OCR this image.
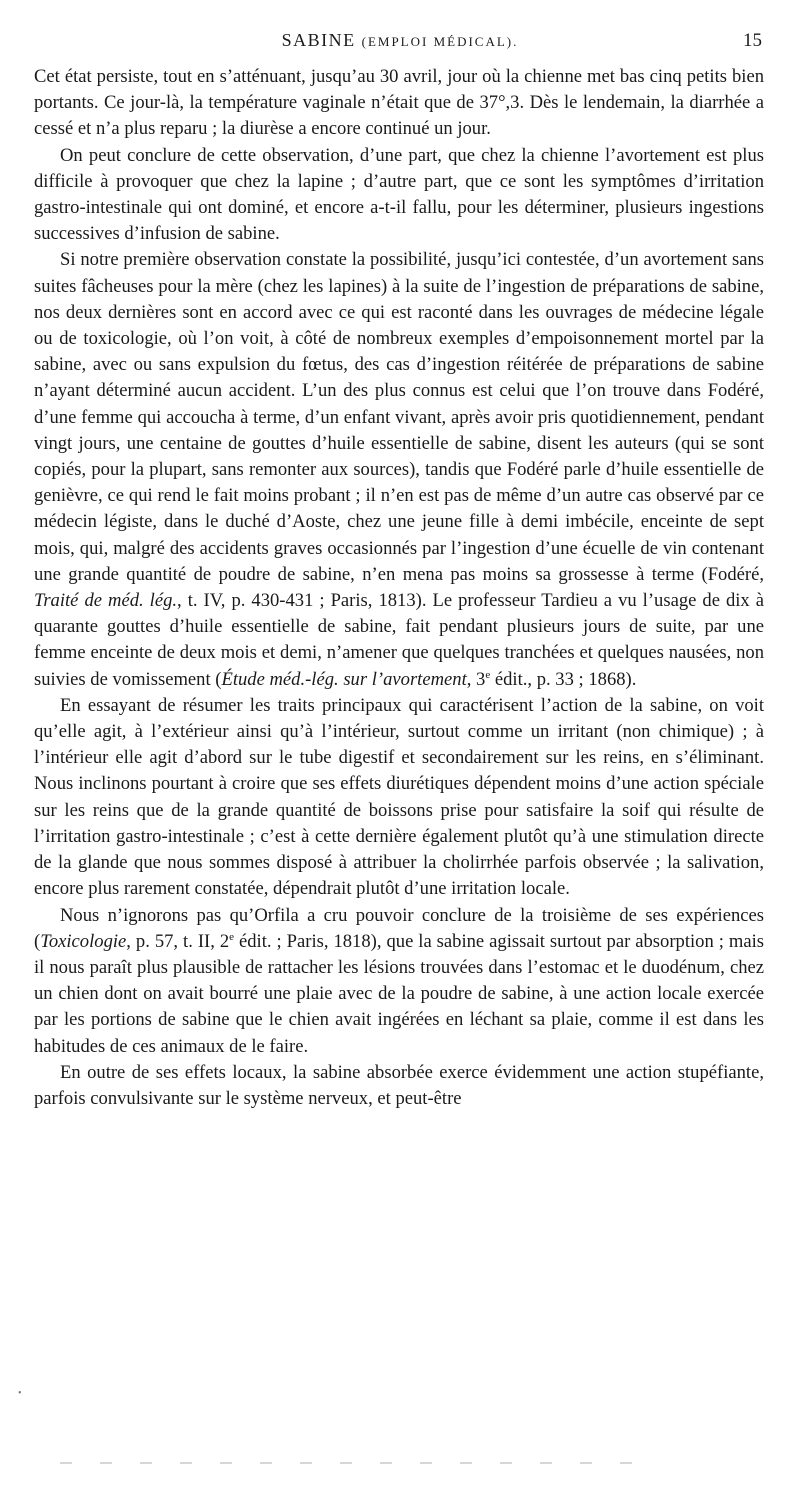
SABINE (EMPLOI MÉDICAL).	15

Cet état persiste, tout en s’atténuant, jusqu’au 30 avril, jour où la chienne met bas cinq petits bien portants. Ce jour-là, la température vaginale n’était que de 37°,3. Dès le lendemain, la diarrhée a cessé et n’a plus reparu ; la diurèse a encore continué un jour.

On peut conclure de cette observation, d’une part, que chez la chienne l’avortement est plus difficile à provoquer que chez la lapine ; d’autre part, que ce sont les symptômes d’irritation gastro-intestinale qui ont dominé, et encore a-t-il fallu, pour les déterminer, plusieurs ingestions successives d’infusion de sabine.

Si notre première observation constate la possibilité, jusqu’ici contestée, d’un avortement sans suites fâcheuses pour la mère (chez les lapines) à la suite de l’ingestion de préparations de sabine, nos deux dernières sont en accord avec ce qui est raconté dans les ouvrages de médecine légale ou de toxicologie, où l’on voit, à côté de nombreux exemples d’empoisonnement mortel par la sabine, avec ou sans expulsion du fœtus, des cas d’ingestion réitérée de préparations de sabine n’ayant déterminé aucun accident. L’un des plus connus est celui que l’on trouve dans Fodéré, d’une femme qui accoucha à terme, d’un enfant vivant, après avoir pris quotidiennement, pendant vingt jours, une centaine de gouttes d’huile essentielle de sabine, disent les auteurs (qui se sont copiés, pour la plupart, sans remonter aux sources), tandis que Fodéré parle d’huile essentielle de genièvre, ce qui rend le fait moins probant ; il n’en est pas de même d’un autre cas observé par ce médecin légiste, dans le duché d’Aoste, chez une jeune fille à demi imbécile, enceinte de sept mois, qui, malgré des accidents graves occasionnés par l’ingestion d’une écuelle de vin contenant une grande quantité de poudre de sabine, n’en mena pas moins sa grossesse à terme (Fodéré, Traité de méd. lég., t. IV, p. 430-431 ; Paris, 1813). Le professeur Tardieu a vu l’usage de dix à quarante gouttes d’huile essentielle de sabine, fait pendant plusieurs jours de suite, par une femme enceinte de deux mois et demi, n’amener que quelques tranchées et quelques nausées, non suivies de vomissement (Étude méd.-lég. sur l’avortement, 3e édit., p. 33 ; 1868).

En essayant de résumer les traits principaux qui caractérisent l’action de la sabine, on voit qu’elle agit, à l’extérieur ainsi qu’à l’intérieur, surtout comme un irritant (non chimique) ; à l’intérieur elle agit d’abord sur le tube digestif et secondairement sur les reins, en s’éliminant. Nous inclinons pourtant à croire que ses effets diurétiques dépendent moins d’une action spéciale sur les reins que de la grande quantité de boissons prise pour satisfaire la soif qui résulte de l’irritation gastro-intestinale ; c’est à cette dernière également plutôt qu’à une stimulation directe de la glande que nous sommes disposé à attribuer la cholirrhée parfois observée ; la salivation, encore plus rarement constatée, dépendrait plutôt d’une irritation locale.

Nous n’ignorons pas qu’Orfila a cru pouvoir conclure de la troisième de ses expériences (Toxicologie, p. 57, t. II, 2e édit. ; Paris, 1818), que la sabine agissait surtout par absorption ; mais il nous paraît plus plausible de rattacher les lésions trouvées dans l’estomac et le duodénum, chez un chien dont on avait bourré une plaie avec de la poudre de sabine, à une action locale exercée par les portions de sabine que le chien avait ingérées en léchant sa plaie, comme il est dans les habitudes de ces animaux de le faire.

En outre de ses effets locaux, la sabine absorbée exerce évidemment une action stupéfiante, parfois convulsivante sur le système nerveux, et peut-être

•
